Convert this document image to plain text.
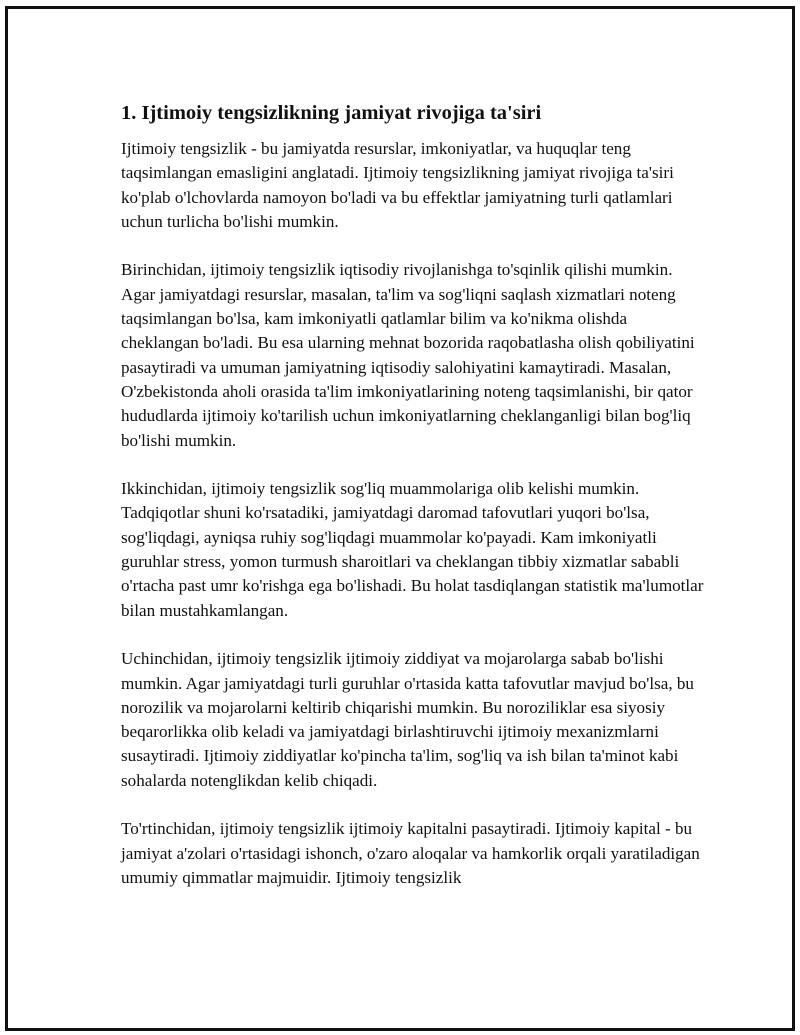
1. Ijtimoiy tengsizlikning jamiyat rivojiga ta'siri

Ijtimoiy tengsizlik - bu jamiyatda resurslar, imkoniyatlar, va huquqlar teng taqsimlangan emasligini anglatadi. Ijtimoiy tengsizlikning jamiyat rivojiga ta'siri ko'plab o'lchovlarda namoyon bo'ladi va bu effektlar jamiyatning turli qatlamlari uchun turlicha bo'lishi mumkin.

Birinchidan, ijtimoiy tengsizlik iqtisodiy rivojlanishga to'sqinlik qilishi mumkin. Agar jamiyatdagi resurslar, masalan, ta'lim va sog'liqni saqlash xizmatlari noteng taqsimlangan bo'lsa, kam imkoniyatli qatlamlar bilim va ko'nikma olishda cheklangan bo'ladi. Bu esa ularning mehnat bozorida raqobatlasha olish qobiliyatini pasaytiradi va umuman jamiyatning iqtisodiy salohiyatini kamaytiradi. Masalan, O'zbekistonda aholi orasida ta'lim imkoniyatlarining noteng taqsimlanishi, bir qator hududlarda ijtimoiy ko'tarilish uchun imkoniyatlarning cheklanganligi bilan bog'liq bo'lishi mumkin.

Ikkinchidan, ijtimoiy tengsizlik sog'liq muammolariga olib kelishi mumkin. Tadqiqotlar shuni ko'rsatadiki, jamiyatdagi daromad tafovutlari yuqori bo'lsa, sog'liqdagi, ayniqsa ruhiy sog'liqdagi muammolar ko'payadi. Kam imkoniyatli guruhlar stress, yomon turmush sharoitlari va cheklangan tibbiy xizmatlar sababli o'rtacha past umr ko'rishga ega bo'lishadi. Bu holat tasdiqlangan statistik ma'lumotlar bilan mustahkamlangan.

Uchinchidan, ijtimoiy tengsizlik ijtimoiy ziddiyat va mojarolarga sabab bo'lishi mumkin. Agar jamiyatdagi turli guruhlar o'rtasida katta tafovutlar mavjud bo'lsa, bu norozilik va mojarolarni keltirib chiqarishi mumkin. Bu noroziliklar esa siyosiy beqarorlikka olib keladi va jamiyatdagi birlashtiruvchi ijtimoiy mexanizmlarni susaytiradi. Ijtimoiy ziddiyatlar ko'pincha ta'lim, sog'liq va ish bilan ta'minot kabi sohalarda notenglikdan kelib chiqadi.

To'rtinchidan, ijtimoiy tengsizlik ijtimoiy kapitalni pasaytiradi. Ijtimoiy kapital - bu jamiyat a'zolari o'rtasidagi ishonch, o'zaro aloqalar va hamkorlik orqali yaratiladigan umumiy qimmatlar majmuidir. Ijtimoiy tengsizlik
